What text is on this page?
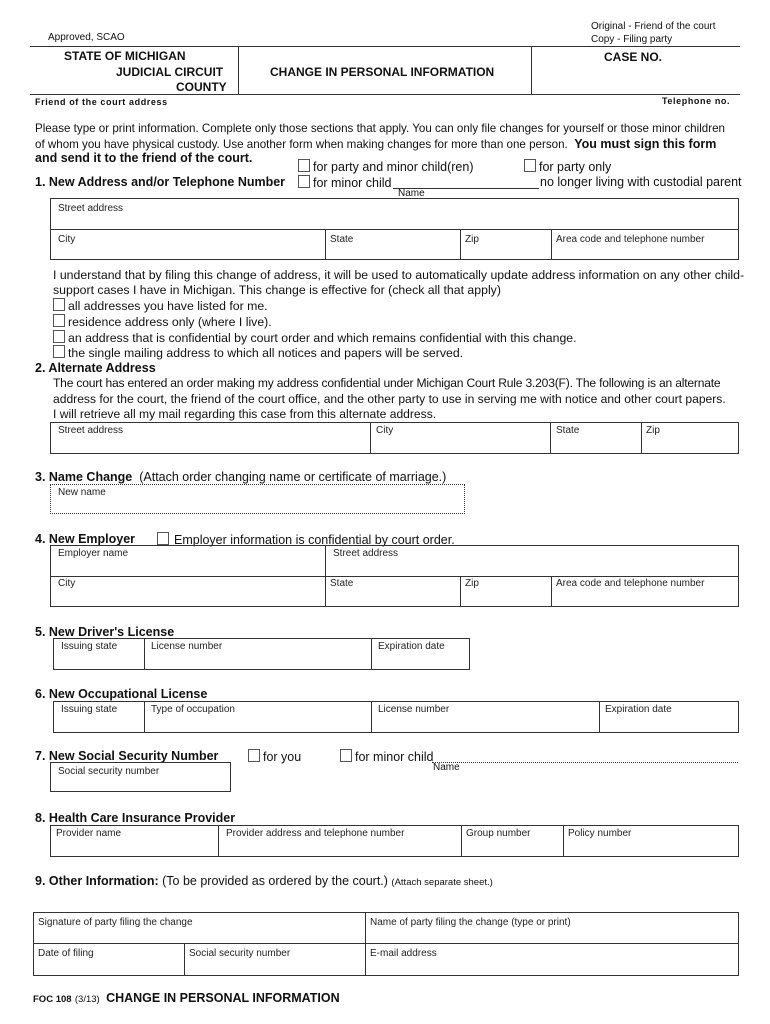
Approved, SCAO
Original - Friend of the court
Copy - Filing party
STATE OF MICHIGAN
JUDICIAL CIRCUIT
COUNTY
CHANGE IN PERSONAL INFORMATION
CASE NO.
Friend of the court address	Telephone no.
Please type or print information. Complete only those sections that apply. You can only file changes for yourself or those minor children
of whom you have physical custody. Use another form when making changes for more than one person. You must sign this form
and send it to the friend of the court.
for party and minor child(ren)	for party only
1. New Address and/or Telephone Number	for minor child	no longer living with custodial parent
Name
Street address
City	State	Zip	Area code and telephone number
I understand that by filing this change of address, it will be used to automatically update address information on any other child-
support cases I have in Michigan. This change is effective for (check all that apply)
all addresses you have listed for me.
residence address only (where I live).
an address that is confidential by court order and which remains confidential with this change.
the single mailing address to which all notices and papers will be served.
2. Alternate Address
The court has entered an order making my address confidential under Michigan Court Rule 3.203(F). The following is an alternate
address for the court, the friend of the court office, and the other party to use in serving me with notice and other court papers.
I will retrieve all my mail regarding this case from this alternate address.
Street address	City	State	Zip
3. Name Change (Attach order changing name or certificate of marriage.)
New name
4. New Employer	Employer information is confidential by court order.
Employer name	Street address
City	State	Zip	Area code and telephone number
5. New Driver's License
Issuing state	License number	Expiration date
6. New Occupational License
Issuing state	Type of occupation	License number	Expiration date
7. New Social Security Number	for you	for minor child
Name
Social security number
8. Health Care Insurance Provider
Provider name	Provider address and telephone number	Group number	Policy number
9. Other Information: (To be provided as ordered by the court.) (Attach separate sheet.)
Signature of party filing the change	Name of party filing the change (type or print)
Date of filing	Social security number	E-mail address
FOC 108 (3/13) CHANGE IN PERSONAL INFORMATION
